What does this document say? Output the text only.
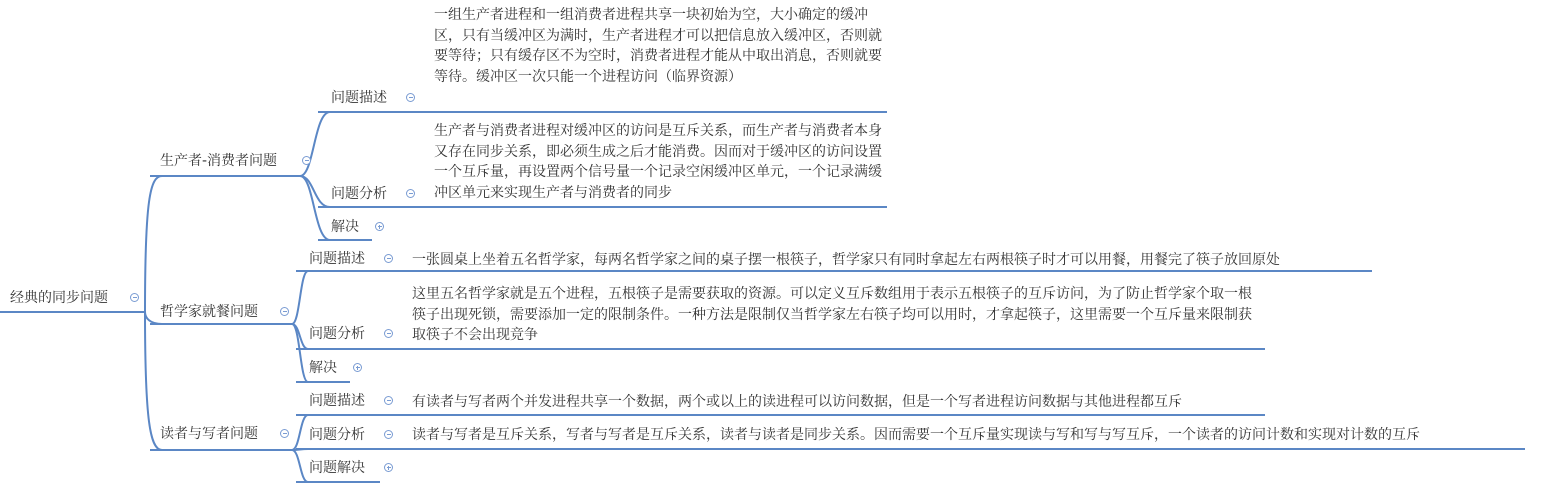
经典的同步问题
生产者-消费者问题
问题描述
一组生产者进程和一组消费者进程共享一块初始为空，大小确定的缓冲区，只有当缓冲区为满时，生产者进程才可以把信息放入缓冲区，否则就要等待；只有缓存区不为空时，消费者进程才能从中取出消息，否则就要等待。缓冲区一次只能一个进程访问（临界资源）
问题分析
生产者与消费者进程对缓冲区的访问是互斥关系，而生产者与消费者本身又存在同步关系，即必须生成之后才能消费。因而对于缓冲区的访问设置一个互斥量，再设置两个信号量一个记录空闲缓冲区单元，一个记录满缓冲区单元来实现生产者与消费者的同步
解决
哲学家就餐问题
问题描述	一张圆桌上坐着五名哲学家，每两名哲学家之间的桌子摆一根筷子，哲学家只有同时拿起左右两根筷子时才可以用餐，用餐完了筷子放回原处
问题分析
这里五名哲学家就是五个进程，五根筷子是需要获取的资源。可以定义互斥数组用于表示五根筷子的互斥访问，为了防止哲学家个取一根筷子出现死锁，需要添加一定的限制条件。一种方法是限制仅当哲学家左右筷子均可以用时，才拿起筷子，这里需要一个互斥量来限制获取筷子不会出现竞争
解决
读者与写者问题
问题描述	有读者与写者两个并发进程共享一个数据，两个或以上的读进程可以访问数据，但是一个写者进程访问数据与其他进程都互斥
问题分析	读者与写者是互斥关系，写者与写者是互斥关系，读者与读者是同步关系。因而需要一个互斥量实现读与写和写与写互斥，一个读者的访问计数和实现对计数的互斥
问题解决
